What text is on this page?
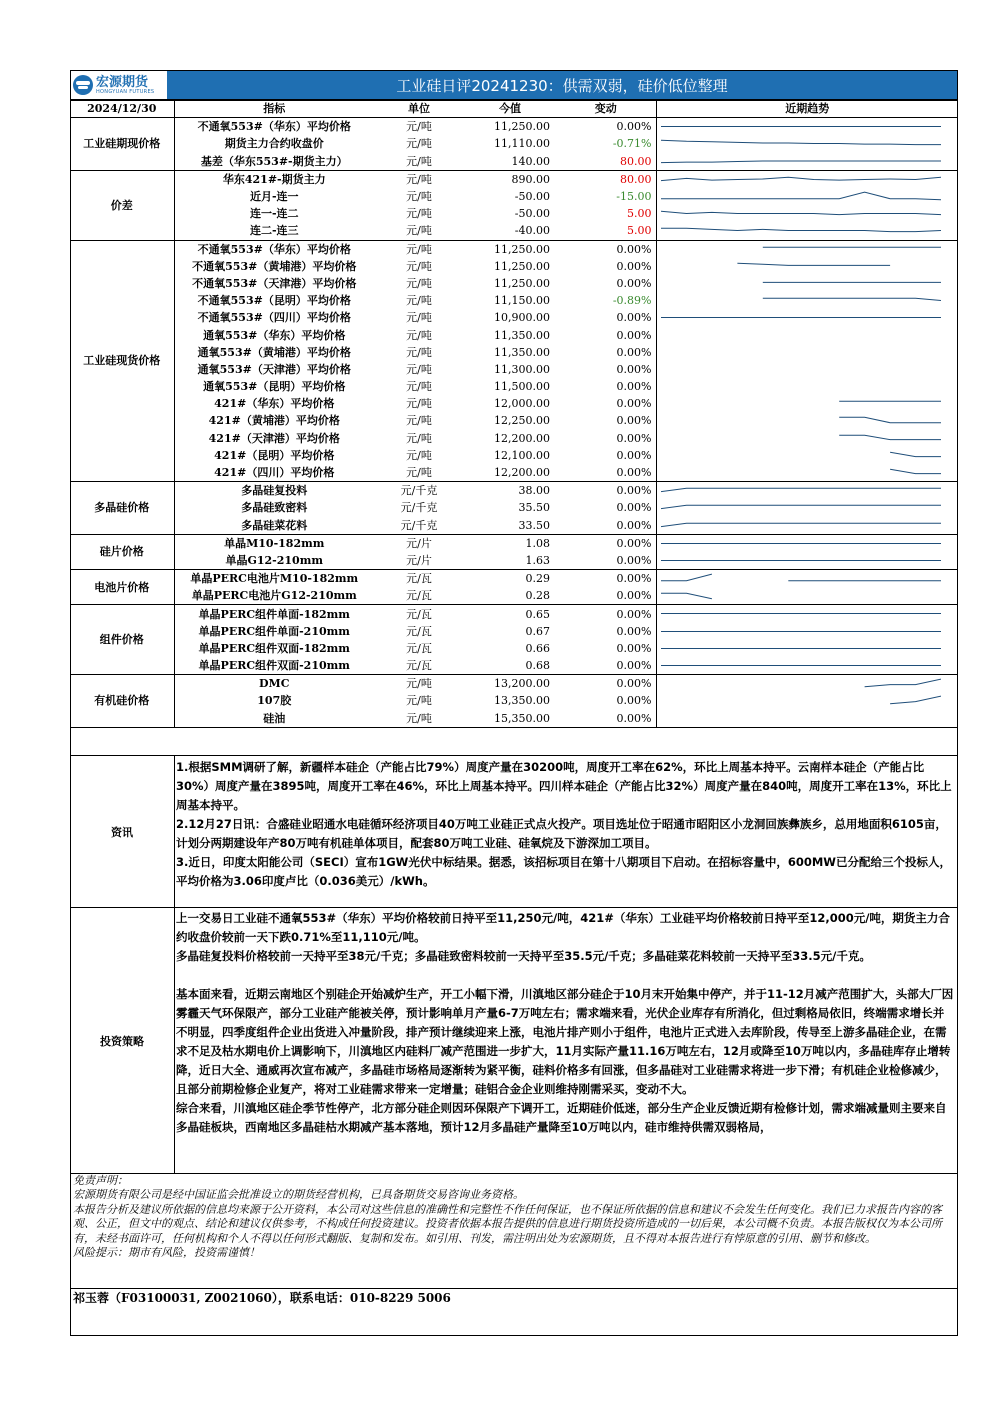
宏源期货
HONGYUAN FUTURES	工业硅日评20241230：供需双弱，硅价低位整理
2024/12/30	指标	单位	今值	变动	近期趋势
工业硅期现价格	不通氧553#（华东）平均价格	元/吨	11,250.00	0.00%	

	期货主力合约收盘价	元/吨	11,110.00	-0.71%	

	基差（华东553#-期货主力）	元/吨	140.00	80.00	

价差	华东421#-期货主力	元/吨	890.00	80.00	

	近月-连一	元/吨	-50.00	-15.00	

	连一-连二	元/吨	-50.00	5.00	

	连二-连三	元/吨	-40.00	5.00	

工业硅现货价格	不通氧553#（华东）平均价格	元/吨	11,250.00	0.00%	

	不通氧553#（黄埔港）平均价格	元/吨	11,250.00	0.00%	

	不通氧553#（天津港）平均价格	元/吨	11,250.00	0.00%	

	不通氧553#（昆明）平均价格	元/吨	11,150.00	-0.89%	

	不通氧553#（四川）平均价格	元/吨	10,900.00	0.00%	

	通氧553#（华东）平均价格	元/吨	11,350.00	0.00%	

	通氧553#（黄埔港）平均价格	元/吨	11,350.00	0.00%	

	通氧553#（天津港）平均价格	元/吨	11,300.00	0.00%	

	通氧553#（昆明）平均价格	元/吨	11,500.00	0.00%	

	421#（华东）平均价格	元/吨	12,000.00	0.00%	

	421#（黄埔港）平均价格	元/吨	12,250.00	0.00%	

	421#（天津港）平均价格	元/吨	12,200.00	0.00%	

	421#（昆明）平均价格	元/吨	12,100.00	0.00%	

	421#（四川）平均价格	元/吨	12,200.00	0.00%	

多晶硅价格	多晶硅复投料	元/千克	38.00	0.00%	

	多晶硅致密料	元/千克	35.50	0.00%	

	多晶硅菜花料	元/千克	33.50	0.00%	

硅片价格	单晶M10-182mm	元/片	1.08	0.00%	

	单晶G12-210mm	元/片	1.63	0.00%	

电池片价格	单晶PERC电池片M10-182mm	元/瓦	0.29	0.00%	

	单晶PERC电池片G12-210mm	元/瓦	0.28	0.00%	

组件价格	单晶PERC组件单面-182mm	元/瓦	0.65	0.00%	

	单晶PERC组件单面-210mm	元/瓦	0.67	0.00%	

	单晶PERC组件双面-182mm	元/瓦	0.66	0.00%	

	单晶PERC组件双面-210mm	元/瓦	0.68	0.00%	

有机硅价格	DMC	元/吨	13,200.00	0.00%	

	107胶	元/吨	13,350.00	0.00%	

	硅油	元/吨	15,350.00	0.00%	
资讯

1.根据SMM调研了解，新疆样本硅企（产能占比79%）周度产量在30200吨，周度开工率在62%，环比上周基本持平。云南样本硅企（产能占比30%）周度产量在3895吨，周度开工率在46%，环比上周基本持平。四川样本硅企（产能占比32%）周度产量在840吨，周度开工率在13%，环比上周基本持平。

2.12月27日讯：合盛硅业昭通水电硅循环经济项目40万吨工业硅正式点火投产。项目选址位于昭通市昭阳区小龙洞回族彝族乡，总用地面积6105亩，计划分两期建设年产80万吨有机硅单体项目，配套80万吨工业硅、硅氧烷及下游深加工项目。

3.近日，印度太阳能公司（SECI）宣布1GW光伏中标结果。据悉，该招标项目在第十八期项目下启动。在招标容量中，600MW已分配给三个投标人，平均价格为3.06印度卢比（0.036美元）/kWh。

投资策略

上一交易日工业硅不通氧553#（华东）平均价格较前日持平至11,250元/吨，421#（华东）工业硅平均价格较前日持平至12,000元/吨，期货主力合约收盘价较前一天下跌0.71%至11,110元/吨。

多晶硅复投料价格较前一天持平至38元/千克；多晶硅致密料较前一天持平至35.5元/千克；多晶硅菜花料较前一天持平至33.5元/千克。

基本面来看，近期云南地区个别硅企开始减炉生产，开工小幅下滑，川滇地区部分硅企于10月末开始集中停产，并于11-12月减产范围扩大，头部大厂因雾霾天气环保限产，部分工业硅产能被关停，预计影响单月产量6-7万吨左右；需求端来看，光伏企业库存有所消化，但过剩格局依旧，终端需求增长并不明显，四季度组件企业出货进入冲量阶段，排产预计继续迎来上涨，电池片排产则小于组件，电池片正式进入去库阶段，传导至上游多晶硅企业，在需求不足及枯水期电价上调影响下，川滇地区内硅料厂减产范围进一步扩大，11月实际产量11.16万吨左右，12月或降至10万吨以内，多晶硅库存止增转降，近日大全、通威再次宣布减产，多晶硅市场格局逐渐转为紧平衡，硅料价格多有回涨，但多晶硅对工业硅需求将进一步下滑；有机硅企业检修减少，且部分前期检修企业复产，将对工业硅需求带来一定增量；硅铝合金企业则维持刚需采买，变动不大。

综合来看，川滇地区硅企季节性停产，北方部分硅企则因环保限产下调开工，近期硅价低迷，部分生产企业反馈近期有检修计划，需求端减量则主要来自多晶硅板块，西南地区多晶硅枯水期减产基本落地，预计12月多晶硅产量降至10万吨以内，硅市维持供需双弱格局，

免责声明：

宏源期货有限公司是经中国证监会批准设立的期货经营机构，已具备期货交易咨询业务资格。

本报告分析及建议所依据的信息均来源于公开资料，本公司对这些信息的准确性和完整性不作任何保证，也不保证所依据的信息和建议不会发生任何变化。我们已力求报告内容的客观、公正，但文中的观点、结论和建议仅供参考，不构成任何投资建议。投资者依据本报告提供的信息进行期货投资所造成的一切后果，本公司概不负责。本报告版权仅为本公司所有，未经书面许可，任何机构和个人不得以任何形式翻版、复制和发布。如引用、刊发，需注明出处为宏源期货，且不得对本报告进行有悖原意的引用、删节和修改。

风险提示：期市有风险，投资需谨慎！

祁玉蓉（F03100031, Z0021060），联系电话：010-8229 5006
